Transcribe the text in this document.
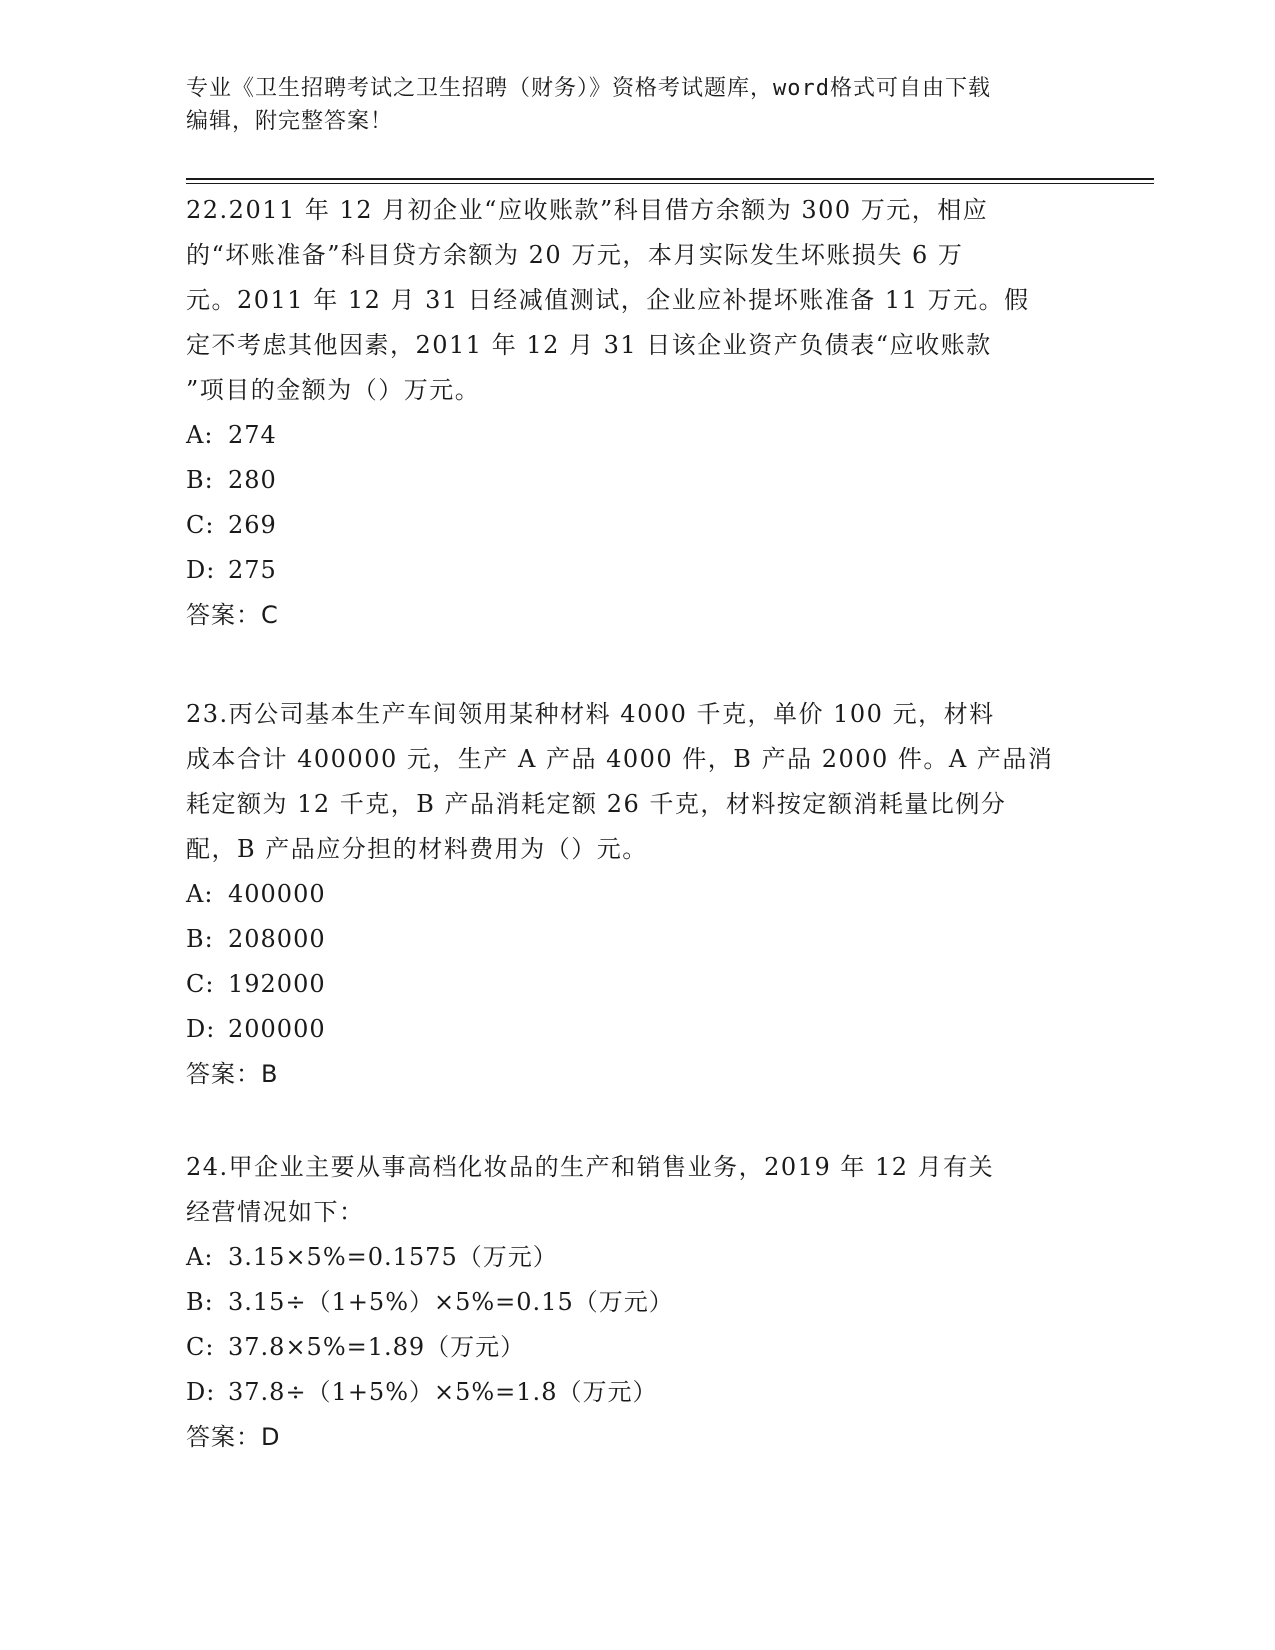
专业《卫生招聘考试之卫生招聘（财务）》资格考试题库，word格式可自由下载
编辑，附完整答案！

22.2011 年 12 月初企业“应收账款”科目借方余额为 300 万元，相应

的“坏账准备”科目贷方余额为 20 万元，本月实际发生坏账损失 6 万

元。2011 年 12 月 31 日经减值测试，企业应补提坏账准备 11 万元。假

定不考虑其他因素，2011 年 12 月 31 日该企业资产负债表“应收账款

”项目的金额为（）万元。

A: 274

B: 280

C: 269

D: 275

答案：C

23.丙公司基本生产车间领用某种材料 4000 千克，单价 100 元，材料

成本合计 400000 元，生产 A 产品 4000 件，B 产品 2000 件。A 产品消

耗定额为 12 千克，B 产品消耗定额 26 千克，材料按定额消耗量比例分

配，B 产品应分担的材料费用为（）元。

A: 400000

B: 208000

C: 192000

D: 200000

答案：B

24.甲企业主要从事高档化妆品的生产和销售业务，2019 年 12 月有关

经营情况如下：

A: 3.15×5%=0.1575（万元）

B: 3.15÷（1+5%）×5%=0.15（万元）

C: 37.8×5%=1.89（万元）

D: 37.8÷（1+5%）×5%=1.8（万元）

答案：D
